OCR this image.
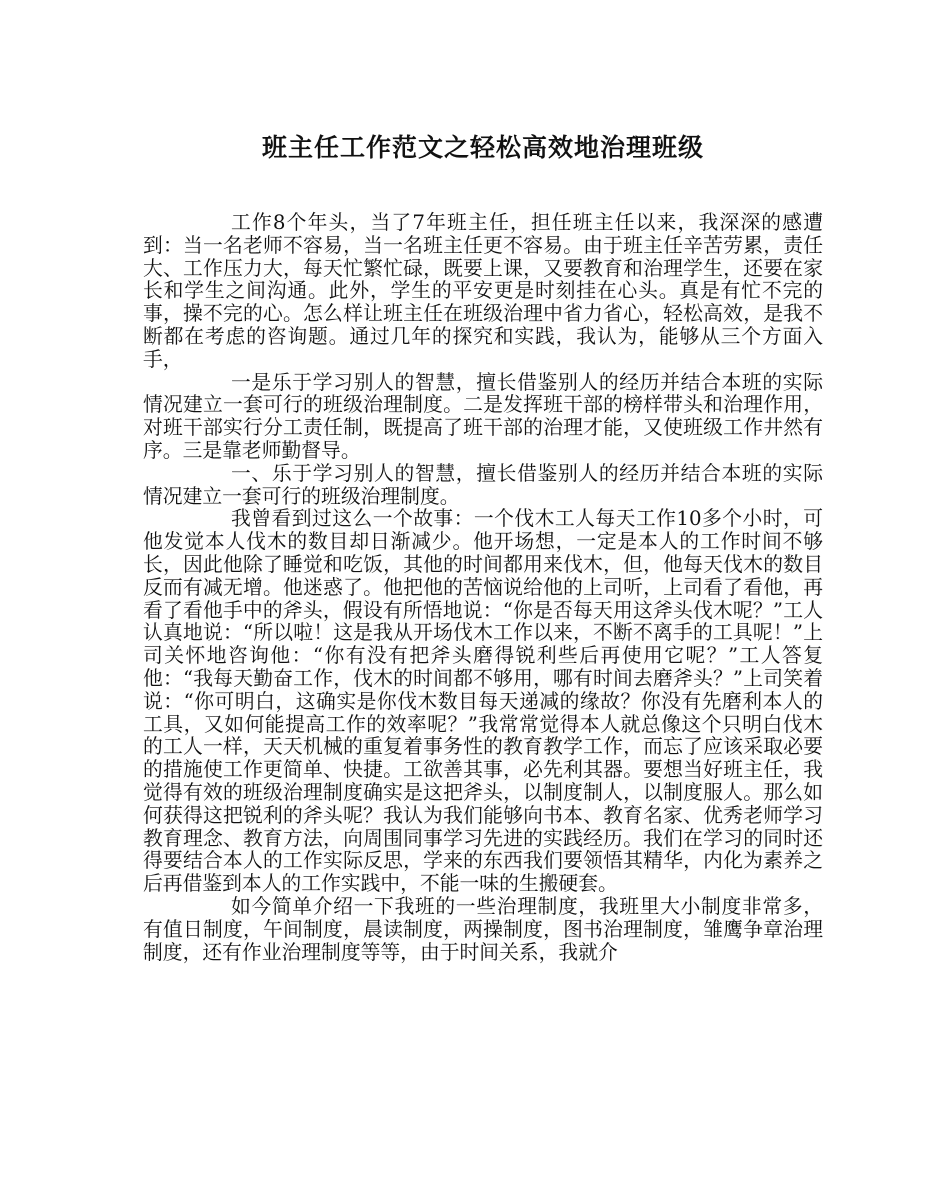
班主任工作范文之轻松高效地治理班级

工作8个年头，当了7年班主任，担任班主任以来，我深深的感遭到：当一名老师不容易，当一名班主任更不容易。由于班主任辛苦劳累，责任大、工作压力大，每天忙繁忙碌，既要上课，又要教育和治理学生，还要在家长和学生之间沟通。此外，学生的平安更是时刻挂在心头。真是有忙不完的事，操不完的心。怎么样让班主任在班级治理中省力省心，轻松高效，是我不断都在考虑的咨询题。通过几年的探究和实践，我认为，能够从三个方面入手，

一是乐于学习别人的智慧，擅长借鉴别人的经历并结合本班的实际情况建立一套可行的班级治理制度。二是发挥班干部的榜样带头和治理作用，对班干部实行分工责任制，既提高了班干部的治理才能，又使班级工作井然有序。三是靠老师勤督导。

一、乐于学习别人的智慧，擅长借鉴别人的经历并结合本班的实际情况建立一套可行的班级治理制度。

我曾看到过这么一个故事：一个伐木工人每天工作10多个小时，可他发觉本人伐木的数目却日渐减少。他开场想，一定是本人的工作时间不够长，因此他除了睡觉和吃饭，其他的时间都用来伐木，但，他每天伐木的数目反而有减无增。他迷惑了。他把他的苦恼说给他的上司听，上司看了看他，再看了看他手中的斧头，假设有所悟地说：“你是否每天用这斧头伐木呢？”工人认真地说：“所以啦！这是我从开场伐木工作以来，不断不离手的工具呢！”上司关怀地咨询他：“你有没有把斧头磨得锐利些后再使用它呢？”工人答复他：“我每天勤奋工作，伐木的时间都不够用，哪有时间去磨斧头？”上司笑着说：“你可明白，这确实是你伐木数目每天递减的缘故？你没有先磨利本人的工具，又如何能提高工作的效率呢？”我常常觉得本人就总像这个只明白伐木的工人一样，天天机械的重复着事务性的教育教学工作，而忘了应该采取必要的措施使工作更简单、快捷。工欲善其事，必先利其器。要想当好班主任，我觉得有效的班级治理制度确实是这把斧头，以制度制人，以制度服人。那么如何获得这把锐利的斧头呢？我认为我们能够向书本、教育名家、优秀老师学习教育理念、教育方法，向周围同事学习先进的实践经历。我们在学习的同时还得要结合本人的工作实际反思，学来的东西我们要领悟其精华，内化为素养之后再借鉴到本人的工作实践中，不能一味的生搬硬套。

如今简单介绍一下我班的一些治理制度，我班里大小制度非常多，有值日制度，午间制度，晨读制度，两操制度，图书治理制度，雏鹰争章治理制度，还有作业治理制度等等，由于时间关系，我就介
